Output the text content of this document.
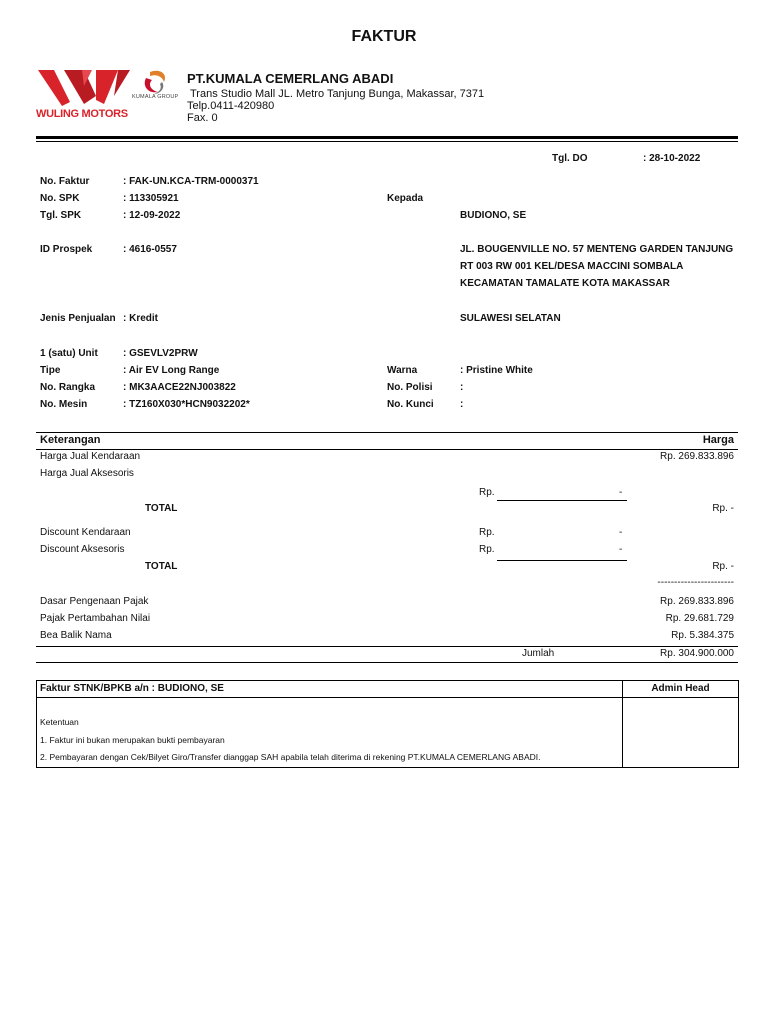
FAKTUR
WULING MOTORS
KUMALA GROUP
PT.KUMALA CEMERLANG ABADI
Trans Studio Mall JL. Metro Tanjung Bunga, Makassar, 7371
Telp.0411-420980
Fax. 0
Tgl. DO	: 28-10-2022
No. Faktur	: FAK-UN.KCA-TRM-0000371
No. SPK	: 113305921
Tgl. SPK	: 12-09-2022
ID Prospek	: 4616-0557
Jenis Penjualan : Kredit
1 (satu) Unit	: GSEVLV2PRW
Tipe	: Air EV Long Range
No. Rangka	: MK3AACE22NJ003822
No. Mesin	: TZ160X030*HCN9032202*
Kepada
BUDIONO, SE
JL. BOUGENVILLE NO. 57 MENTENG GARDEN TANJUNG
RT 003 RW 001 KEL/DESA MACCINI SOMBALA
KECAMATAN TAMALATE KOTA MAKASSAR
SULAWESI SELATAN
Warna	: Pristine White
No. Polisi	:
No. Kunci	:
Keterangan	Harga
Harga Jual Kendaraan	Rp. 269.833.896
Harga Jual Aksesoris
Rp.	-
TOTAL	Rp. -
Discount Kendaraan	Rp.	-
Discount Aksesoris	Rp.	-
TOTAL	Rp. -
-----------------------
Dasar Pengenaan Pajak	Rp. 269.833.896
Pajak Pertambahan Nilai	Rp. 29.681.729
Bea Balik Nama	Rp. 5.384.375
Jumlah	Rp. 304.900.000
Faktur STNK/BPKB a/n : BUDIONO, SE	Admin Head
Ketentuan
1. Faktur ini bukan merupakan bukti pembayaran
2. Pembayaran dengan Cek/Bilyet Giro/Transfer dianggap SAH apabila telah diterima di rekening PT.KUMALA CEMERLANG ABADI.
